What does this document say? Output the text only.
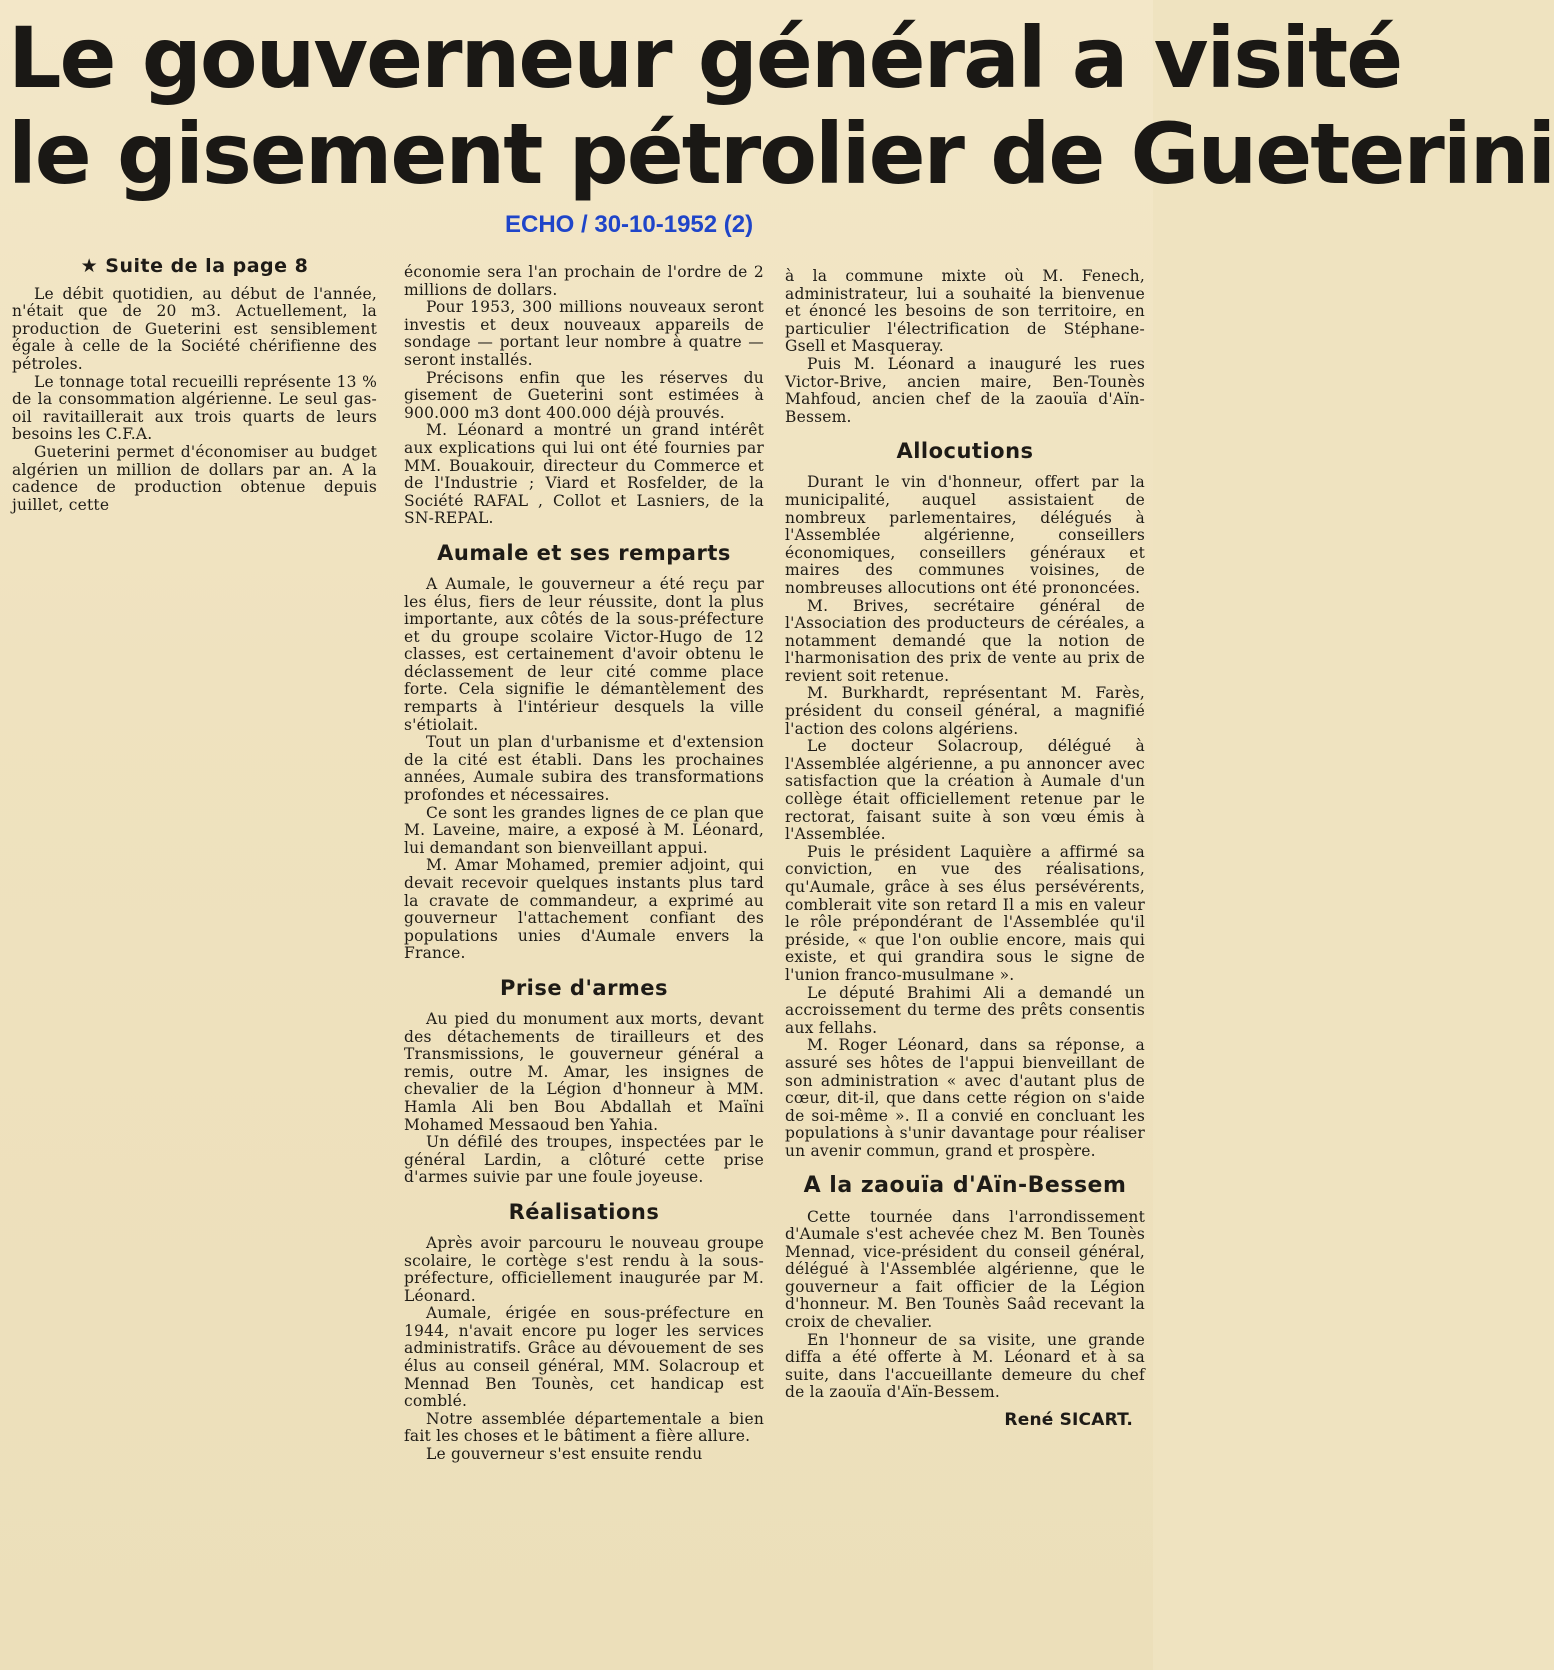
Le gouverneur général a visité
le gisement pétrolier de Gueterini
ECHO / 30-10-1952 (2)
★ Suite de la page 8

Le débit quotidien, au début de l'année, n'était que de 20 m3. Actuellement, la production de Gueterini est sensiblement égale à celle de la Société chérifienne des pétroles.

Le tonnage total recueilli représente 13 % de la consommation algérienne. Le seul gas-oil ravitaillerait aux trois quarts de leurs besoins les C.F.A.

Gueterini permet d'économiser au budget algérien un million de dollars par an. A la cadence de production obtenue depuis juillet, cette

économie sera l'an prochain de l'ordre de 2 millions de dollars.

Pour 1953, 300 millions nouveaux seront investis et deux nouveaux appareils de sondage — portant leur nombre à quatre — seront installés.

Précisons enfin que les réserves du gisement de Gueterini sont estimées à 900.000 m3 dont 400.000 déjà prouvés.

M. Léonard a montré un grand intérêt aux explications qui lui ont été fournies par MM. Bouakouir, directeur du Commerce et de l'Industrie ; Viard et Rosfelder, de la Société RAFAL , Collot et Lasniers, de la SN-REPAL.

Aumale et ses remparts

A Aumale, le gouverneur a été reçu par les élus, fiers de leur réussite, dont la plus importante, aux côtés de la sous-préfecture et du groupe scolaire Victor-Hugo de 12 classes, est certainement d'avoir obtenu le déclassement de leur cité comme place forte. Cela signifie le démantèlement des remparts à l'intérieur desquels la ville s'étiolait.

Tout un plan d'urbanisme et d'extension de la cité est établi. Dans les prochaines années, Aumale subira des transformations profondes et nécessaires.

Ce sont les grandes lignes de ce plan que M. Laveine, maire, a exposé à M. Léonard, lui demandant son bienveillant appui.

M. Amar Mohamed, premier adjoint, qui devait recevoir quelques instants plus tard la cravate de commandeur, a exprimé au gouverneur l'attachement confiant des populations unies d'Aumale envers la France.

Prise d'armes

Au pied du monument aux morts, devant des détachements de tirailleurs et des Transmissions, le gouverneur général a remis, outre M. Amar, les insignes de chevalier de la Légion d'honneur à MM. Hamla Ali ben Bou Abdallah et Maïni Mohamed Messaoud ben Yahia.

Un défilé des troupes, inspectées par le général Lardin, a clôturé cette prise d'armes suivie par une foule joyeuse.

Réalisations

Après avoir parcouru le nouveau groupe scolaire, le cortège s'est rendu à la sous-préfecture, officiellement inaugurée par M. Léonard.

Aumale, érigée en sous-préfecture en 1944, n'avait encore pu loger les services administratifs. Grâce au dévouement de ses élus au conseil général, MM. Solacroup et Mennad Ben Tounès, cet handicap est comblé.

Notre assemblée départementale a bien fait les choses et le bâtiment a fière allure.

Le gouverneur s'est ensuite rendu

à la commune mixte où M. Fenech, administrateur, lui a souhaité la bienvenue et énoncé les besoins de son territoire, en particulier l'électrification de Stéphane-Gsell et Masqueray.

Puis M. Léonard a inauguré les rues Victor-Brive, ancien maire, Ben-Tounès Mahfoud, ancien chef de la zaouïa d'Aïn-Bessem.

Allocutions

Durant le vin d'honneur, offert par la municipalité, auquel assistaient de nombreux parlementaires, délégués à l'Assemblée algérienne, conseillers économiques, conseillers généraux et maires des communes voisines, de nombreuses allocutions ont été prononcées.

M. Brives, secrétaire général de l'Association des producteurs de céréales, a notamment demandé que la notion de l'harmonisation des prix de vente au prix de revient soit retenue.

M. Burkhardt, représentant M. Farès, président du conseil général, a magnifié l'action des colons algériens.

Le docteur Solacroup, délégué à l'Assemblée algérienne, a pu annoncer avec satisfaction que la création à Aumale d'un collège était officiellement retenue par le rectorat, faisant suite à son vœu émis à l'Assemblée.

Puis le président Laquière a affirmé sa conviction, en vue des réalisations, qu'Aumale, grâce à ses élus persévérents, comblerait vite son retard Il a mis en valeur le rôle prépondérant de l'Assemblée qu'il préside, « que l'on oublie encore, mais qui existe, et qui grandira sous le signe de l'union franco-musulmane ».

Le député Brahimi Ali a demandé un accroissement du terme des prêts consentis aux fellahs.

M. Roger Léonard, dans sa réponse, a assuré ses hôtes de l'appui bienveillant de son administration « avec d'autant plus de cœur, dit-il, que dans cette région on s'aide de soi-même ». Il a convié en concluant les populations à s'unir davantage pour réaliser un avenir commun, grand et prospère.

A la zaouïa d'Aïn-Bessem

Cette tournée dans l'arrondissement d'Aumale s'est achevée chez M. Ben Tounès Mennad, vice-président du conseil général, délégué à l'Assemblée algérienne, que le gouverneur a fait officier de la Légion d'honneur. M. Ben Tounès Saâd recevant la croix de chevalier.

En l'honneur de sa visite, une grande diffa a été offerte à M. Léonard et à sa suite, dans l'accueillante demeure du chef de la zaouïa d'Aïn-Bessem.

René SICART.
